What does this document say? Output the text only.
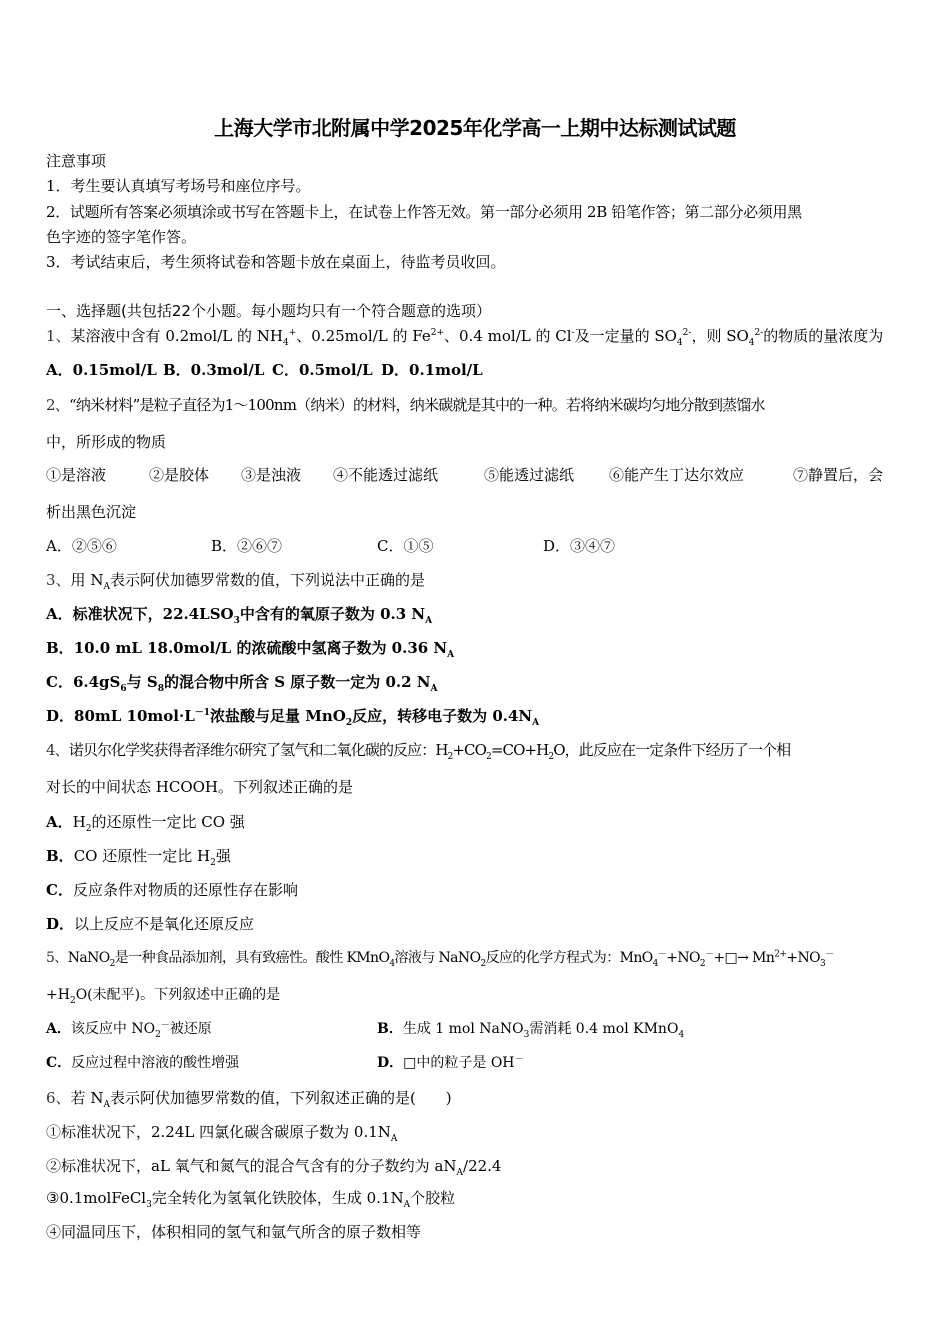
上海大学市北附属中学2025年化学高一上期中达标测试试题
注意事项
1．考生要认真填写考场号和座位序号。
2．试题所有答案必须填涂或书写在答题卡上，在试卷上作答无效。第一部分必须用 2B 铅笔作答；第二部分必须用黑
色字迹的签字笔作答。
3．考试结束后，考生须将试卷和答题卡放在桌面上，待监考员收回。
一、选择题(共包括22个小题。每小题均只有一个符合题意的选项）
1、某溶液中含有 0.2mol/L 的 $NH_4^+$、0.25mol/L 的 $Fe^{2+}$、0.4 mol/L 的 Cl-及一定量的 $SO_4^{2-}$，则 $SO_4^{2-}$的物质的量浓度为
A．0.15mol/L B．0.3mol/L C．0.5mol/L D．0.1mol/L
2、“纳米材料”是粒子直径为1～100nm（纳米）的材料，纳米碳就是其中的一种。若将纳米碳均匀地分散到蒸馏水
中，所形成的物质
①是溶液	②是胶体 ③是浊液 ④不能透过滤纸	⑤能透过滤纸 ⑥能产生丁达尔效应	⑦静置后，会
析出黑色沉淀
A．②⑤⑥	B．②⑥⑦	C．①⑤	D．③④⑦
3、用 $N_A$表示阿伏加德罗常数的值，下列说法中正确的是
A．标准状况下，$22.4LSO_3$中含有的氧原子数为 0.3 $N_A$
B．10.0 mL 18.0mol/L 的浓硫酸中氢离子数为 0.36 $N_A$
C．$6.4gS_6$与 $S_8$的混合物中所含 S 原子数一定为 0.2 $N_A$
D．80mL $10mol\cdot L^{-1}$浓盐酸与足量 MnO$_2$反应，转移电子数为 $0.4N_A$
4、诺贝尔化学奖获得者泽维尔研究了氢气和二氧化碳的反应：$H_2+CO_2=CO+H_2O$，此反应在一定条件下经历了一个相
对长的中间状态 HCOOH。下列叙述正确的是
A．$H_2$的还原性一定比 CO 强
B．CO 还原性一定比 $H_2$强
C．反应条件对物质的还原性存在影响
D．以上反应不是氧化还原反应
5、NaNO$_2$是一种食品添加剂，具有致癌性。酸性 KMnO$_4$溶液与 NaNO$_2$反应的化学方程式为：$MnO_4^-+NO_2^-+□\to Mn^{2+}+NO_3^-$
$+H_2O$(未配平)。下列叙述中正确的是
A．该反应中 $NO_2^-$被还原	B．生成 1 mol NaNO$_3$需消耗 0.4 mol KMnO$_4$
C．反应过程中溶液的酸性增强	D．□中的粒子是 OH－
6、若 $N_A$表示阿伏加德罗常数的值，下列叙述正确的是(　　)
①标准状况下，2.24L 四氯化碳含碳原子数为 $0.1N_A$
②标准状况下，aL 氧气和氮气的混合气含有的分子数约为 $aN_A/22.4$
③0.1molFeCl$_3$完全转化为氢氧化铁胶体，生成 $0.1N_A$个胶粒
④同温同压下，体积相同的氢气和氩气所含的原子数相等
